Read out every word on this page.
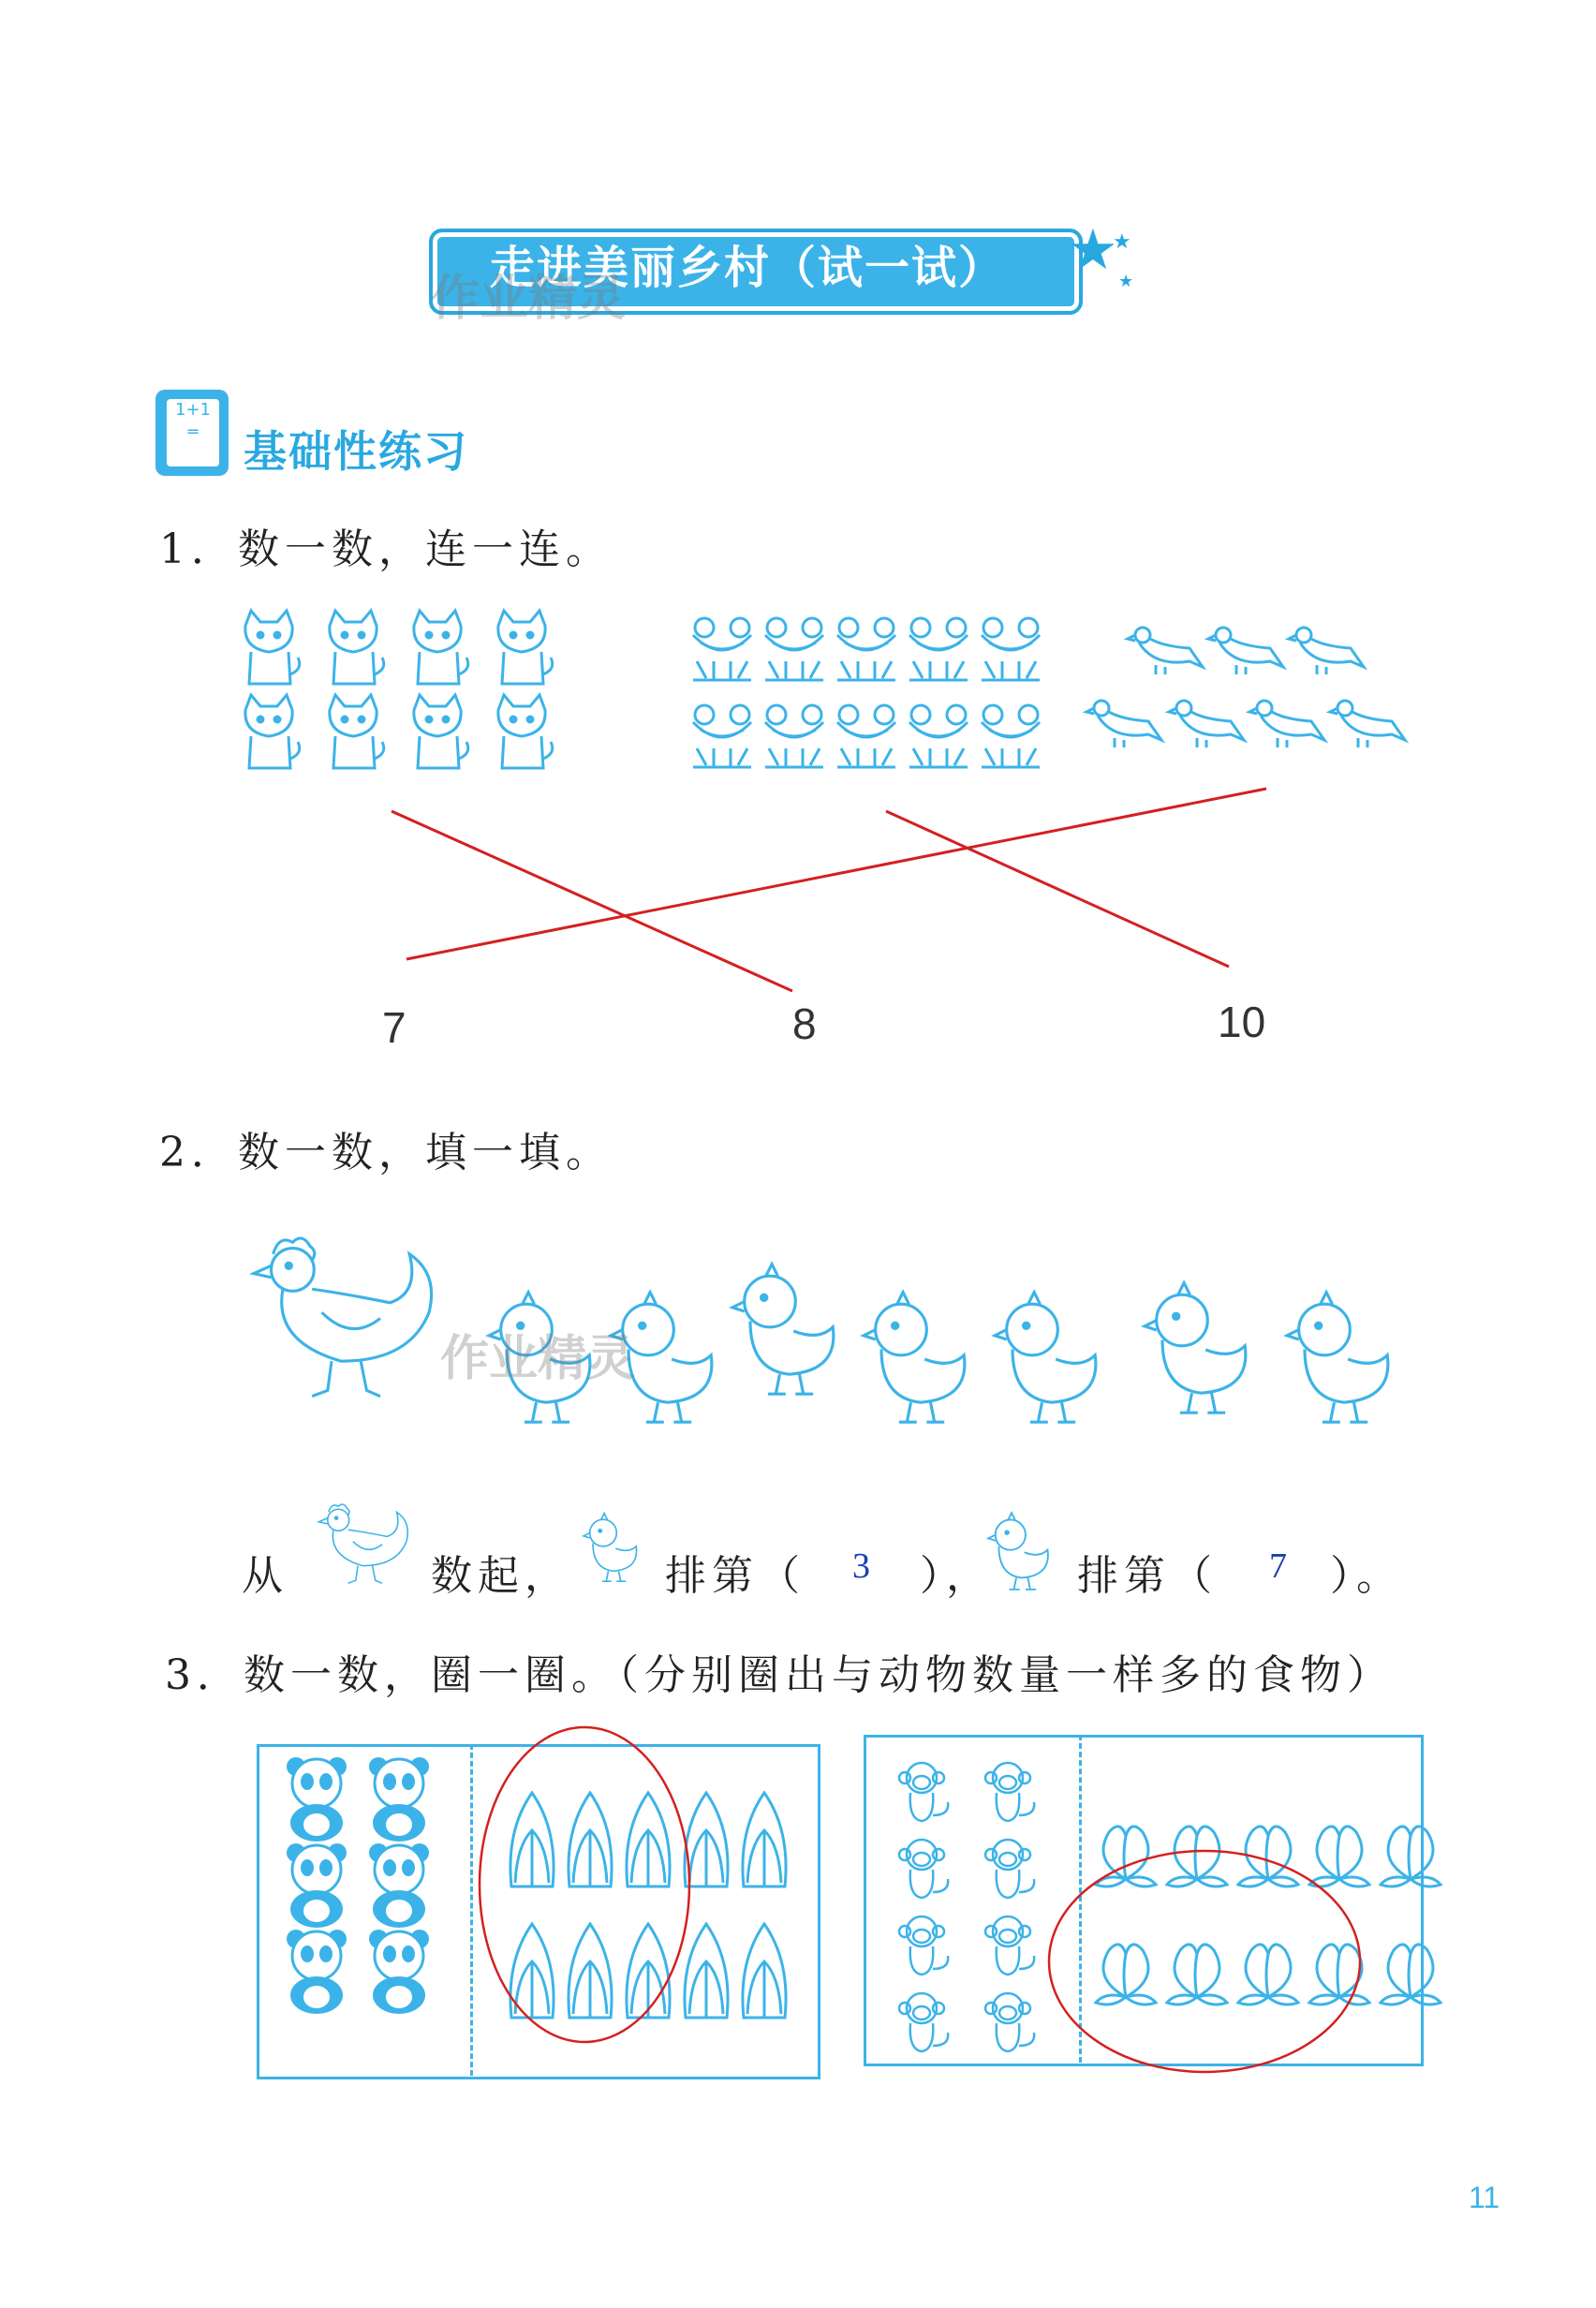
走进美丽乡村（试一试）	★
★
★
作业精灵
1+1
═	基础性练习
1．数一数，连一连。
7	8	10
2．数一数，填一填。
作业精灵
从	数起， 排第（ 3 ）， 排第（ 7 ）。
3．数一数，圈一圈。（分别圈出与动物数量一样多的食物）
11
